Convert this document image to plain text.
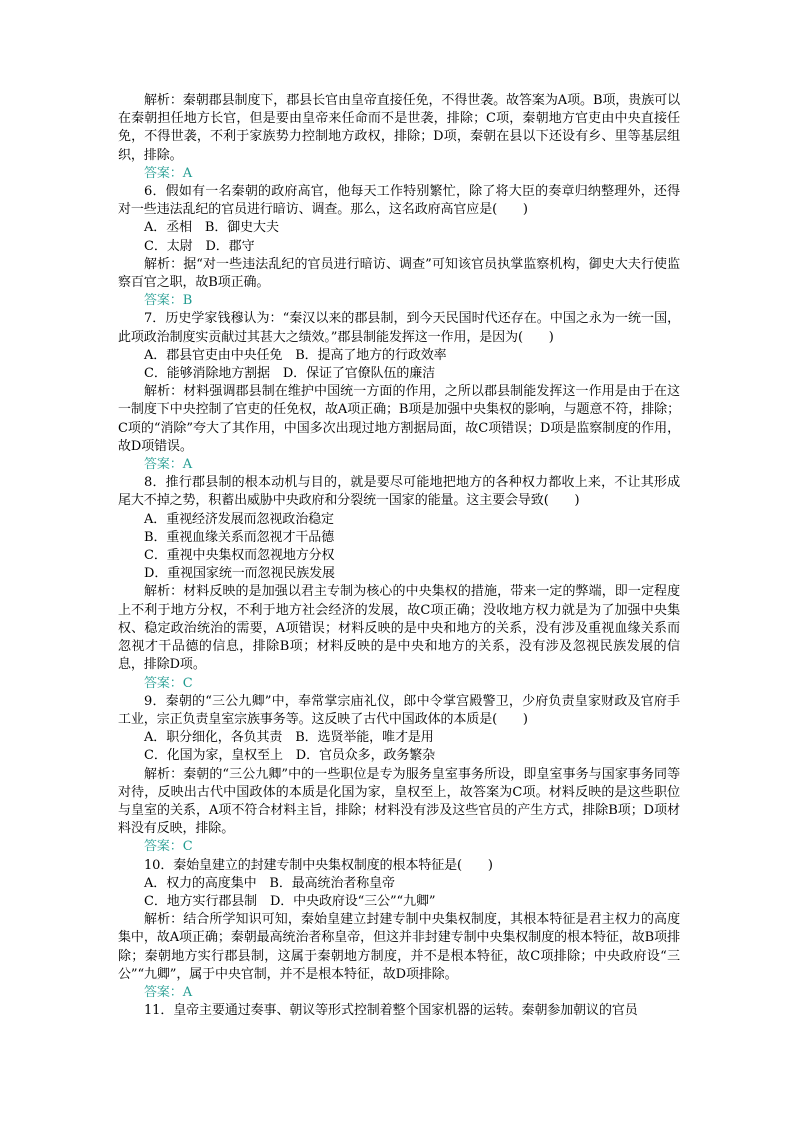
解析：秦朝郡县制度下，郡县长官由皇帝直接任免，不得世袭。故答案为A项。B项，贵族可以在秦朝担任地方长官，但是要由皇帝来任命而不是世袭，排除；C项，秦朝地方官吏由中央直接任免，不得世袭，不利于家族势力控制地方政权，排除；D项，秦朝在县以下还设有乡、里等基层组织，排除。

答案：A

6．假如有一名秦朝的政府高官，他每天工作特别繁忙，除了将大臣的奏章归纳整理外，还得对一些违法乱纪的官员进行暗访、调查。那么，这名政府高官应是(　　)

A．丞相　B．御史大夫

C．太尉　D．郡守

解析：据“对一些违法乱纪的官员进行暗访、调查”可知该官员执掌监察机构，御史大夫行使监察百官之职，故B项正确。

答案：B

7．历史学家钱穆认为：“秦汉以来的郡县制，到今天民国时代还存在。中国之永为一统一国，此项政治制度实贡献过其甚大之绩效。”郡县制能发挥这一作用，是因为(　　)

A．郡县官吏由中央任免　B．提高了地方的行政效率

C．能够消除地方割据　D．保证了官僚队伍的廉洁

解析：材料强调郡县制在维护中国统一方面的作用，之所以郡县制能发挥这一作用是由于在这一制度下中央控制了官吏的任免权，故A项正确；B项是加强中央集权的影响，与题意不符，排除；C项的“消除”夸大了其作用，中国多次出现过地方割据局面，故C项错误；D项是监察制度的作用，故D项错误。

答案：A

8．推行郡县制的根本动机与目的，就是要尽可能地把地方的各种权力都收上来，不让其形成尾大不掉之势，积蓄出威胁中央政府和分裂统一国家的能量。这主要会导致(　　)

A．重视经济发展而忽视政治稳定

B．重视血缘关系而忽视才干品德

C．重视中央集权而忽视地方分权

D．重视国家统一而忽视民族发展

解析：材料反映的是加强以君主专制为核心的中央集权的措施，带来一定的弊端，即一定程度上不利于地方分权，不利于地方社会经济的发展，故C项正确；没收地方权力就是为了加强中央集权、稳定政治统治的需要，A项错误；材料反映的是中央和地方的关系，没有涉及重视血缘关系而忽视才干品德的信息，排除B项；材料反映的是中央和地方的关系，没有涉及忽视民族发展的信息，排除D项。

答案：C

9．秦朝的“三公九卿”中，奉常掌宗庙礼仪，郎中令掌宫殿警卫，少府负责皇家财政及官府手工业，宗正负责皇室宗族事务等。这反映了古代中国政体的本质是(　　)

A．职分细化，各负其责　B．选贤举能，唯才是用

C．化国为家，皇权至上　D．官员众多，政务繁杂

解析：秦朝的“三公九卿”中的一些职位是专为服务皇室事务所设，即皇室事务与国家事务同等对待，反映出古代中国政体的本质是化国为家，皇权至上，故答案为C项。材料反映的是这些职位与皇室的关系，A项不符合材料主旨，排除；材料没有涉及这些官员的产生方式，排除B项；D项材料没有反映，排除。

答案：C

10．秦始皇建立的封建专制中央集权制度的根本特征是(　　)

A．权力的高度集中　B．最高统治者称皇帝

C．地方实行郡县制　D．中央政府设“三公”“九卿”

解析：结合所学知识可知，秦始皇建立封建专制中央集权制度，其根本特征是君主权力的高度集中，故A项正确；秦朝最高统治者称皇帝，但这并非封建专制中央集权制度的根本特征，故B项排除；秦朝地方实行郡县制，这属于秦朝地方制度，并不是根本特征，故C项排除；中央政府设“三公”“九卿”，属于中央官制，并不是根本特征，故D项排除。

答案：A

11．皇帝主要通过奏事、朝议等形式控制着整个国家机器的运转。秦朝参加朝议的官员
